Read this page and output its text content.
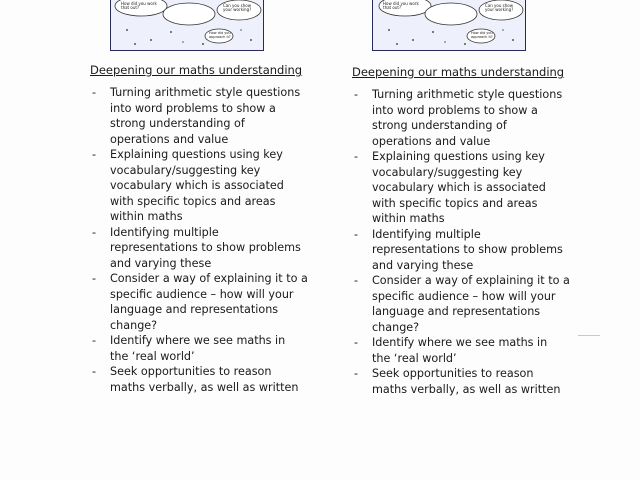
How did you work that out?	Can you show your working?
How did you approach it?
Deepening our maths understanding
- Turning arithmetic style questions
into word problems to show a
strong understanding of
operations and value
- Explaining questions using key
vocabulary/suggesting key
vocabulary which is associated
with specific topics and areas
within maths
- Identifying multiple
representations to show problems
and varying these
- Consider a way of explaining it to a
specific audience – how will your
language and representations
change?
- Identify where we see maths in
the ‘real world’
- Seek opportunities to reason
maths verbally, as well as written
How did you work that out?	Can you show your working?
How did you approach it?
Deepening our maths understanding
- Turning arithmetic style questions
into word problems to show a
strong understanding of
operations and value
- Explaining questions using key
vocabulary/suggesting key
vocabulary which is associated
with specific topics and areas
within maths
- Identifying multiple
representations to show problems
and varying these
- Consider a way of explaining it to a
specific audience – how will your
language and representations
change?
- Identify where we see maths in
the ‘real world’
- Seek opportunities to reason
maths verbally, as well as written
